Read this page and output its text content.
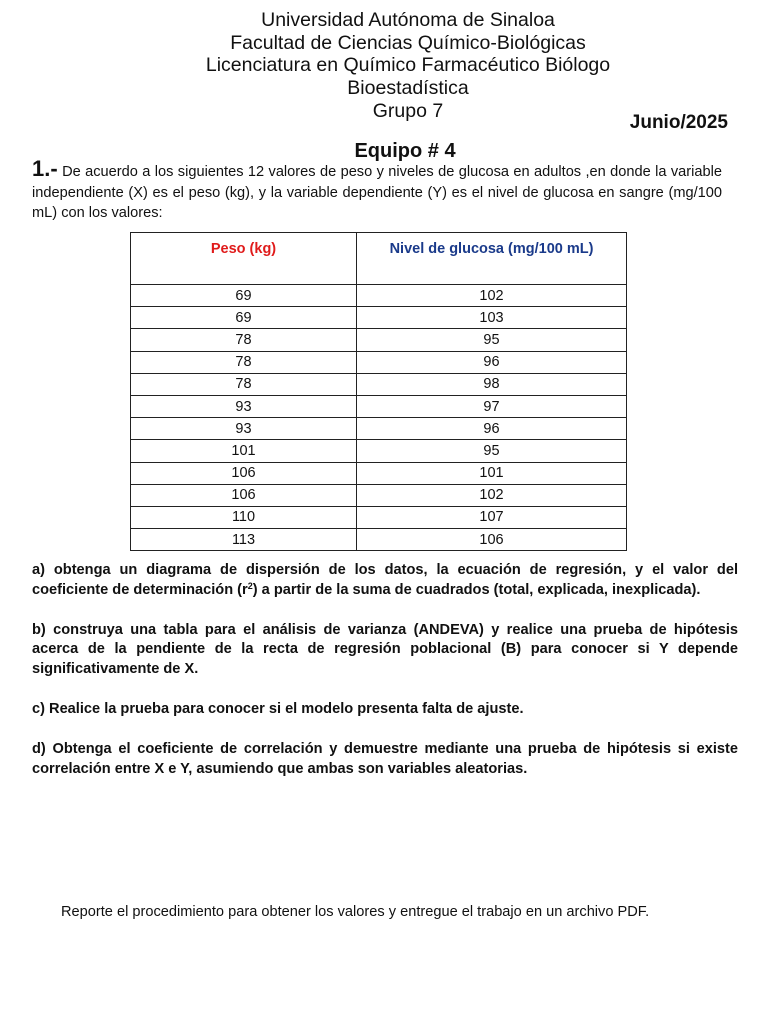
Universidad Autónoma de Sinaloa
Facultad de Ciencias Químico-Biológicas
Licenciatura en Químico Farmacéutico Biólogo
Bioestadística
Grupo 7
Junio/2025
Equipo # 4
1.- De acuerdo a los siguientes 12 valores de peso y niveles de glucosa en adultos ,en donde la variable independiente (X) es el peso (kg), y la variable dependiente (Y) es el nivel de glucosa en sangre (mg/100 mL) con los valores:
Peso (kg)	Nivel de glucosa (mg/100 mL)
69	102
69	103
78	95
78	96
78	98
93	97
93	96
101	95
106	101
106	102
110	107
113	106

a) obtenga un diagrama de dispersión de los datos, la ecuación de regresión, y el valor del coeficiente de determinación $(r^2)$ a partir de la suma de cuadrados (total, explicada, inexplicada).

b) construya una tabla para el análisis de varianza (ANDEVA) y realice una prueba de hipótesis acerca de la pendiente de la recta de regresión poblacional (B) para conocer si Y depende significativamente de X.

c) Realice la prueba para conocer si el modelo presenta falta de ajuste.

d) Obtenga el coeficiente de correlación y demuestre mediante una prueba de hipótesis si existe correlación entre X e Y, asumiendo que ambas son variables aleatorias.

Reporte el procedimiento para obtener los valores y entregue el trabajo en un archivo PDF.
